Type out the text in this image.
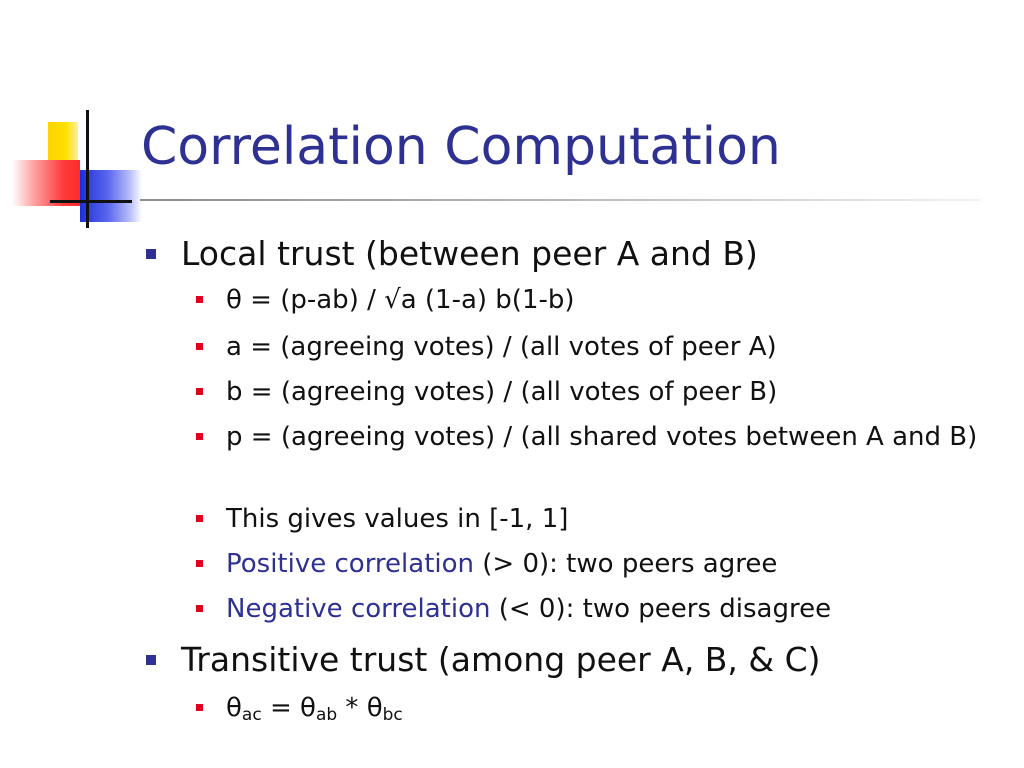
Correlation Computation
Local trust (between peer A and B)
θ = (p-ab) / √a (1-a) b(1-b)
a = (agreeing votes) / (all votes of peer A)
b = (agreeing votes) / (all votes of peer B)
p = (agreeing votes) / (all shared votes between A and B)
This gives values in [-1, 1]
Positive correlation (> 0): two peers agree
Negative correlation (< 0): two peers disagree
Transitive trust (among peer A, B, & C)
$\theta_{ac} = \theta_{ab} * \theta_{bc}$
